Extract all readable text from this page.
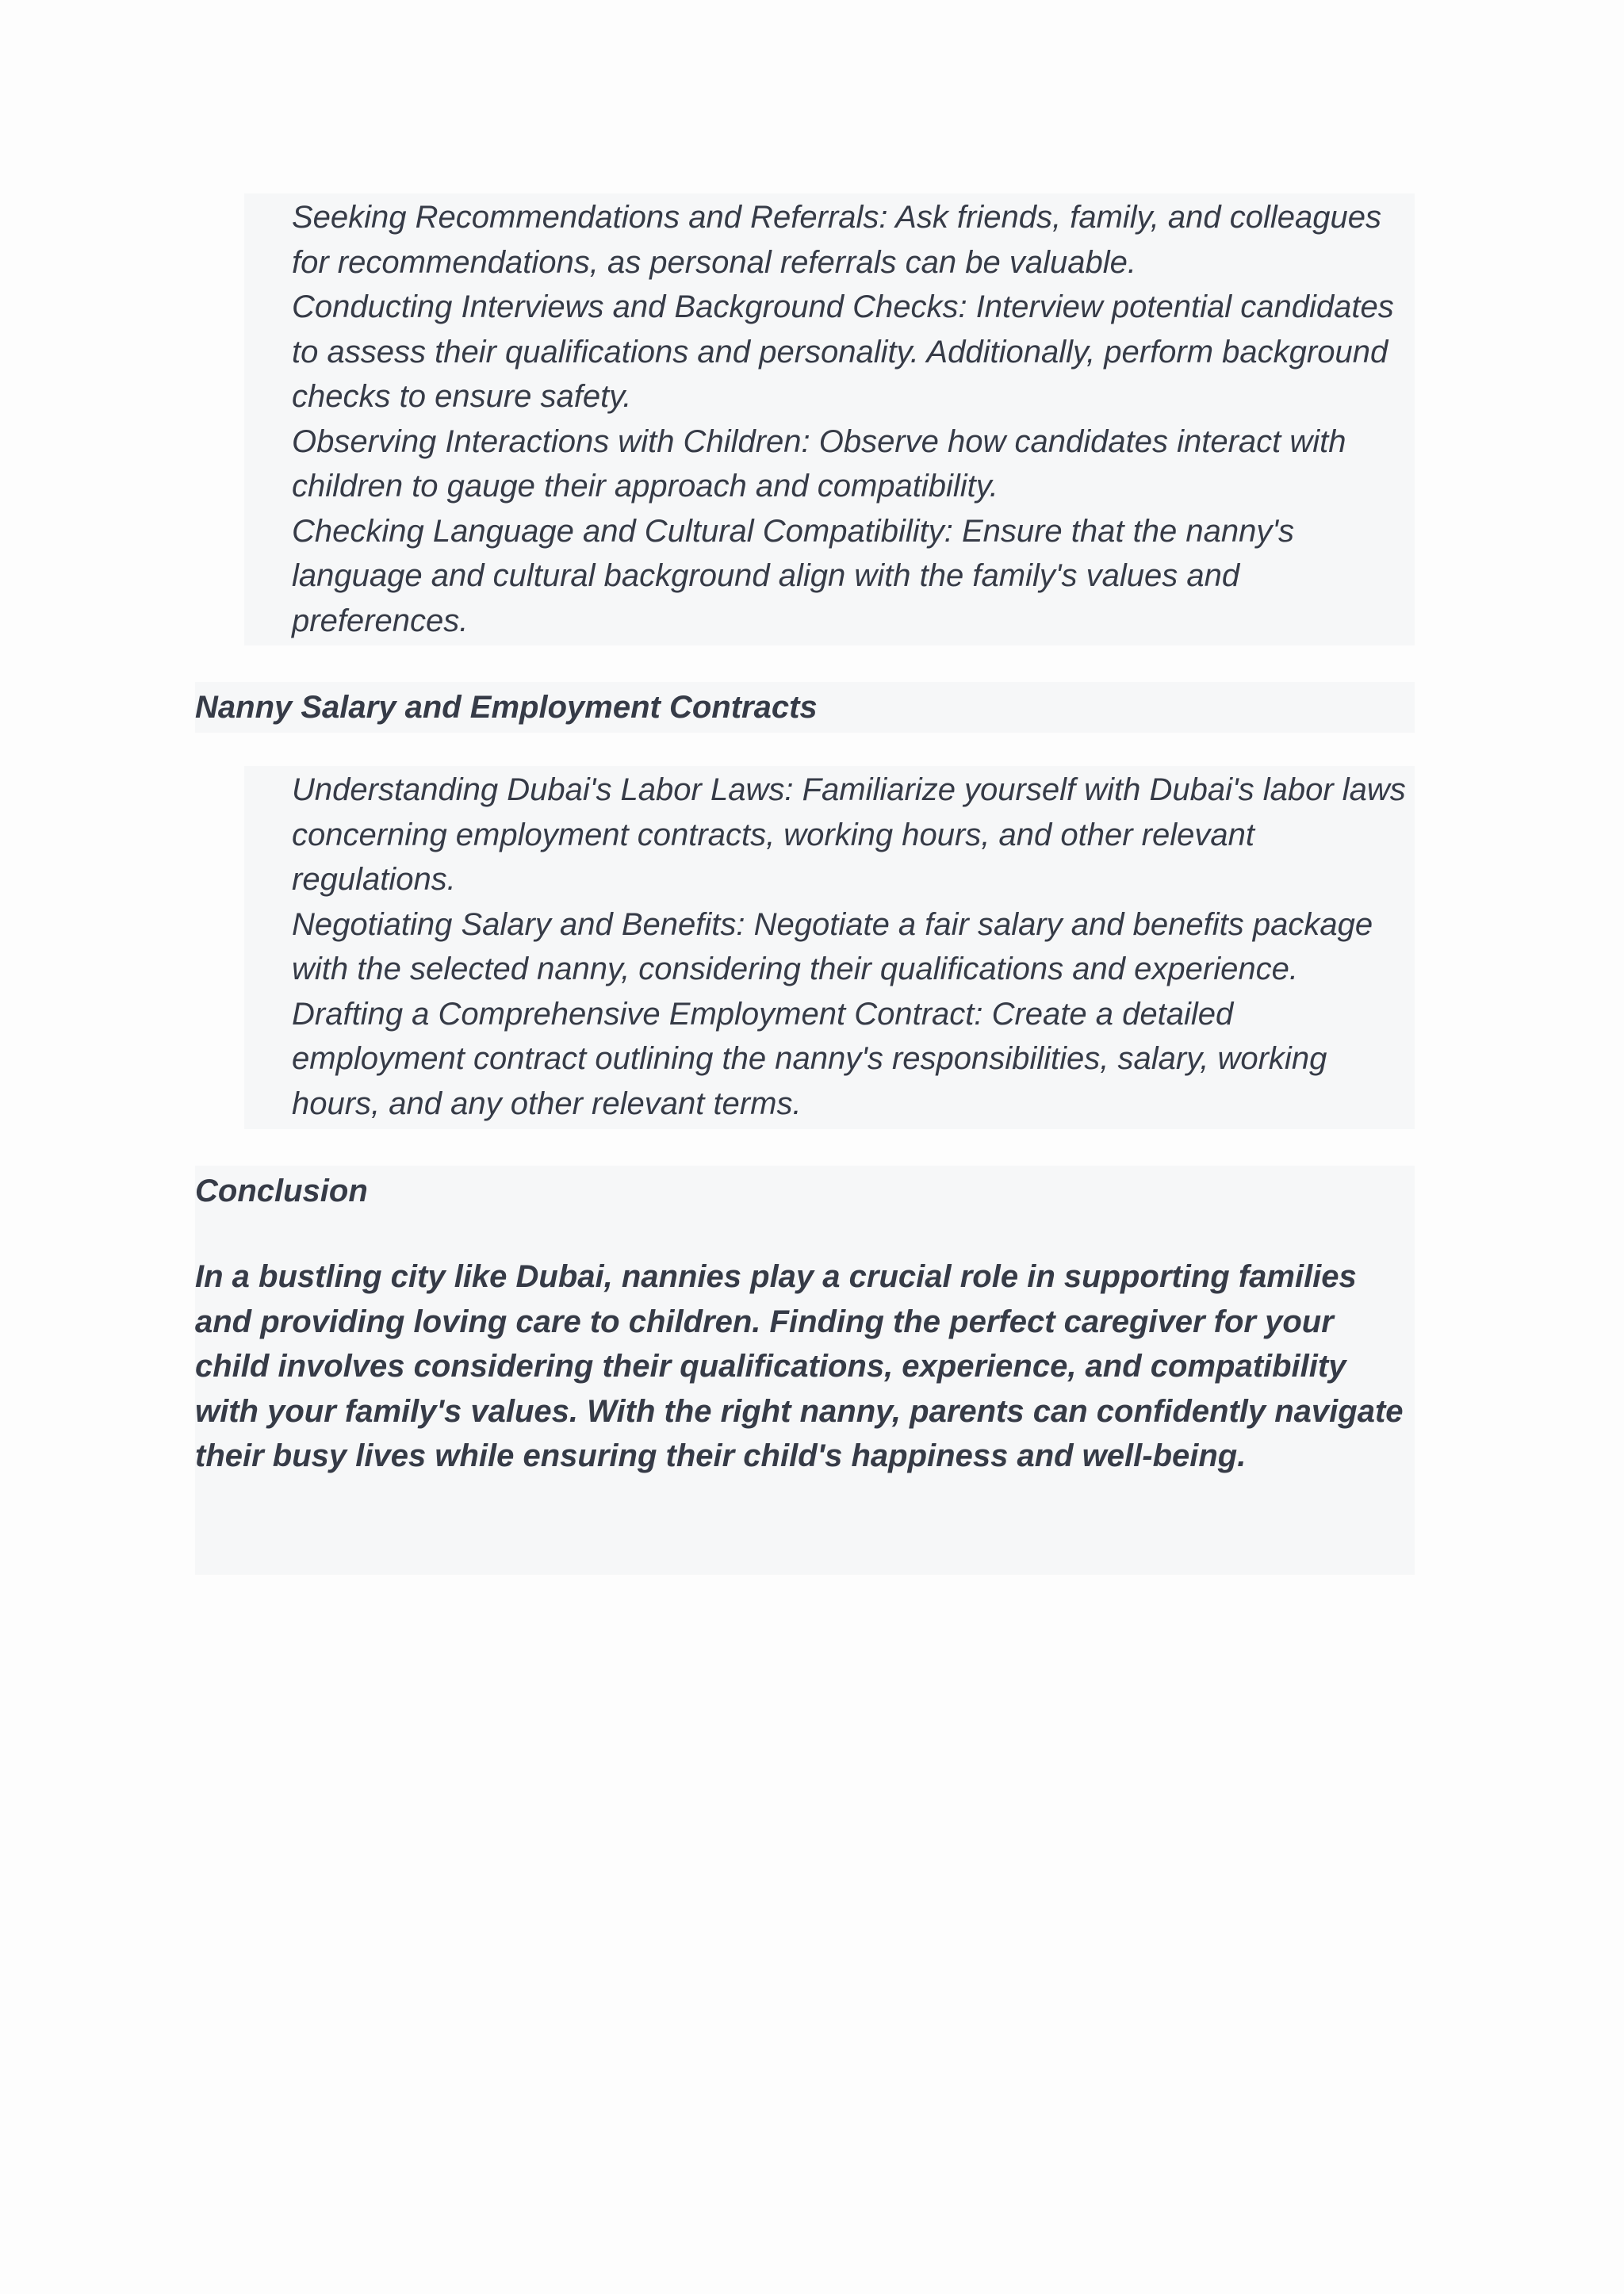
Seeking Recommendations and Referrals: Ask friends, family, and colleagues for recommendations, as personal referrals can be valuable.

Conducting Interviews and Background Checks: Interview potential candidates to assess their qualifications and personality. Additionally, perform background checks to ensure safety.

Observing Interactions with Children: Observe how candidates interact with children to gauge their approach and compatibility.

Checking Language and Cultural Compatibility: Ensure that the nanny's language and cultural background align with the family's values and preferences.

Nanny Salary and Employment Contracts

Understanding Dubai's Labor Laws: Familiarize yourself with Dubai's labor laws concerning employment contracts, working hours, and other relevant regulations.

Negotiating Salary and Benefits: Negotiate a fair salary and benefits package with the selected nanny, considering their qualifications and experience.

Drafting a Comprehensive Employment Contract: Create a detailed employment contract outlining the nanny's responsibilities, salary, working hours, and any other relevant terms.

Conclusion

In a bustling city like Dubai, nannies play a crucial role in supporting families and providing loving care to children. Finding the perfect caregiver for your child involves considering their qualifications, experience, and compatibility with your family's values. With the right nanny, parents can confidently navigate their busy lives while ensuring their child's happiness and well-being.
